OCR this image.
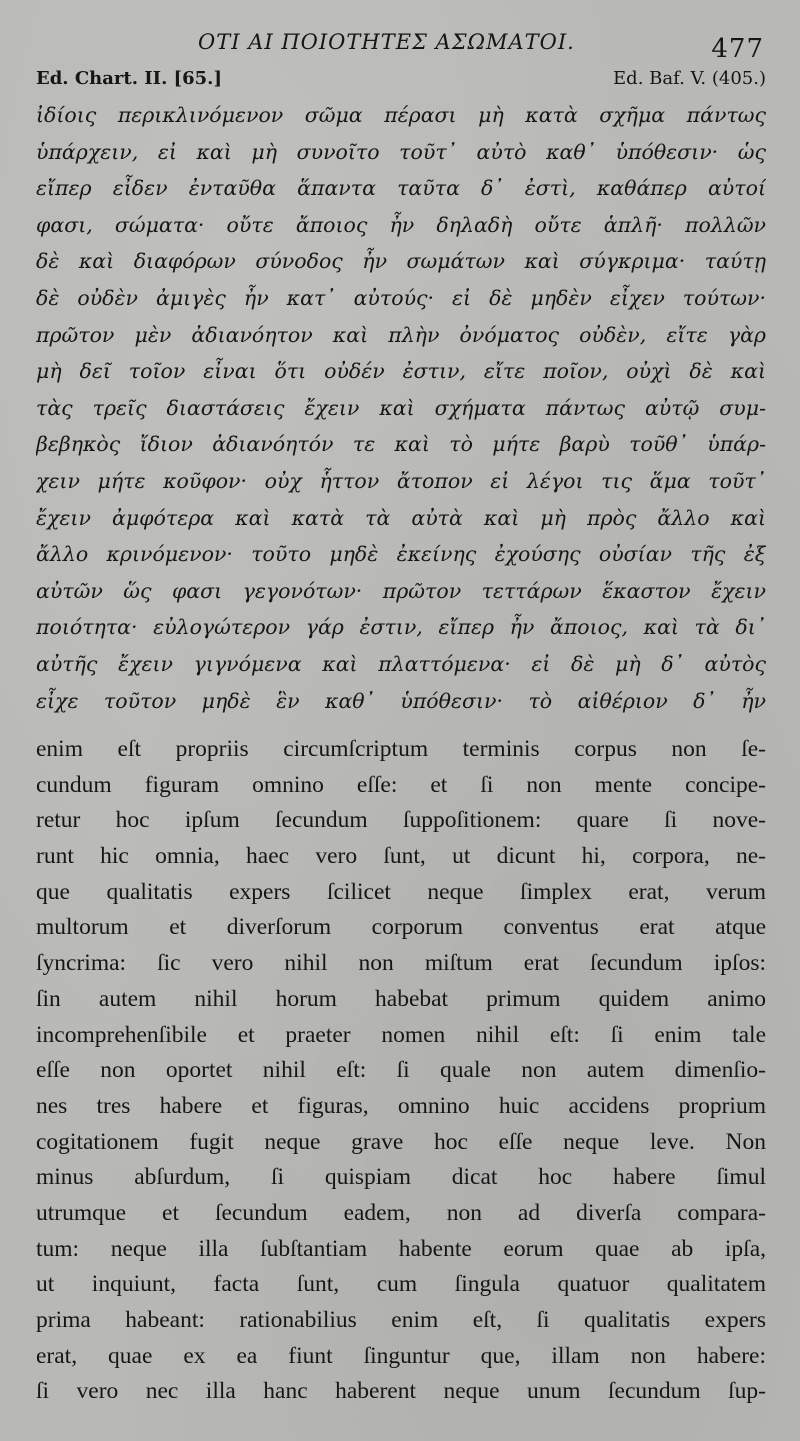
ΟΤΙ ΑΙ ΠΟΙΟΤΗΤΕΣ ΑΣΩΜΑΤΟΙ.	477
Ed. Chart. II. [65.]	Ed. Baf. V. (405.)
ἰδίοις περικλινόμενον σῶμα πέρασι μὴ κατὰ σχῆμα πάντως
ὑπάρχειν, εἰ καὶ μὴ συνοῖτο τοῦτ᾽ αὐτὸ καθ᾽ ὑπόθεσιν· ὡς
εἴπερ εἶδεν ἐνταῦθα ἅπαντα ταῦτα δ᾽ ἐστὶ, καθάπερ αὐτοί
φασι, σώματα· οὔτε ἄποιος ἦν δηλαδὴ οὔτε ἁπλῆ· πολλῶν
δὲ καὶ διαφόρων σύνοδος ἦν σωμάτων καὶ σύγκριμα· ταύτῃ
δὲ οὐδὲν ἀμιγὲς ἦν κατ᾽ αὐτούς· εἰ δὲ μηδὲν εἶχεν τούτων·
πρῶτον μὲν ἀδιανόητον καὶ πλὴν ὀνόματος οὐδὲν, εἴτε γὰρ
μὴ δεῖ τοῖον εἶναι ὅτι οὐδέν ἐστιν, εἴτε ποῖον, οὐχὶ δὲ καὶ
τὰς τρεῖς διαστάσεις ἔχειν καὶ σχήματα πάντως αὐτῷ συμ-
βεβηκὸς ἴδιον ἀδιανόητόν τε καὶ τὸ μήτε βαρὺ τοῦθ᾽ ὑπάρ-
χειν μήτε κοῦφον· οὐχ ἧττον ἄτοπον εἰ λέγοι τις ἅμα τοῦτ᾽
ἔχειν ἀμφότερα καὶ κατὰ τὰ αὐτὰ καὶ μὴ πρὸς ἄλλο καὶ
ἄλλο κρινόμενον· τοῦτο μηδὲ ἐκείνης ἐχούσης οὐσίαν τῆς ἐξ
αὐτῶν ὥς φασι γεγονότων· πρῶτον τεττάρων ἕκαστον ἔχειν
ποιότητα· εὐλογώτερον γάρ ἐστιν, εἴπερ ἦν ἄποιος, καὶ τὰ δι᾽
αὐτῆς ἔχειν γιγνόμενα καὶ πλαττόμενα· εἰ δὲ μὴ δ᾽ αὐτὸς
εἶχε τοῦτον μηδὲ ἓν καθ᾽ ὑπόθεσιν· τὸ αἰθέριον δ᾽ ἦν
enim eſt propriis circumſcriptum terminis corpus non ſe-
cundum figuram omnino eſſe: et ſi non mente concipe-
retur hoc ipſum ſecundum ſuppoſitionem: quare ſi nove-
runt hic omnia, haec vero ſunt, ut dicunt hi, corpora, ne-
que qualitatis expers ſcilicet neque ſimplex erat, verum
multorum et diverſorum corporum conventus erat atque
ſyncrima: ſic vero nihil non miſtum erat ſecundum ipſos:
ſin autem nihil horum habebat primum quidem animo
incomprehenſibile et praeter nomen nihil eſt: ſi enim tale
eſſe non oportet nihil eſt: ſi quale non autem dimenſio-
nes tres habere et figuras, omnino huic accidens proprium
cogitationem fugit neque grave hoc eſſe neque leve. Non
minus abſurdum, ſi quispiam dicat hoc habere ſimul
utrumque et ſecundum eadem, non ad diverſa compara-
tum: neque illa ſubſtantiam habente eorum quae ab ipſa,
ut inquiunt, facta ſunt, cum ſingula quatuor qualitatem
prima habeant: rationabilius enim eſt, ſi qualitatis expers
erat, quae ex ea fiunt ſinguntur que, illam non habere:
ſi vero nec illa hanc haberent neque unum ſecundum ſup-
